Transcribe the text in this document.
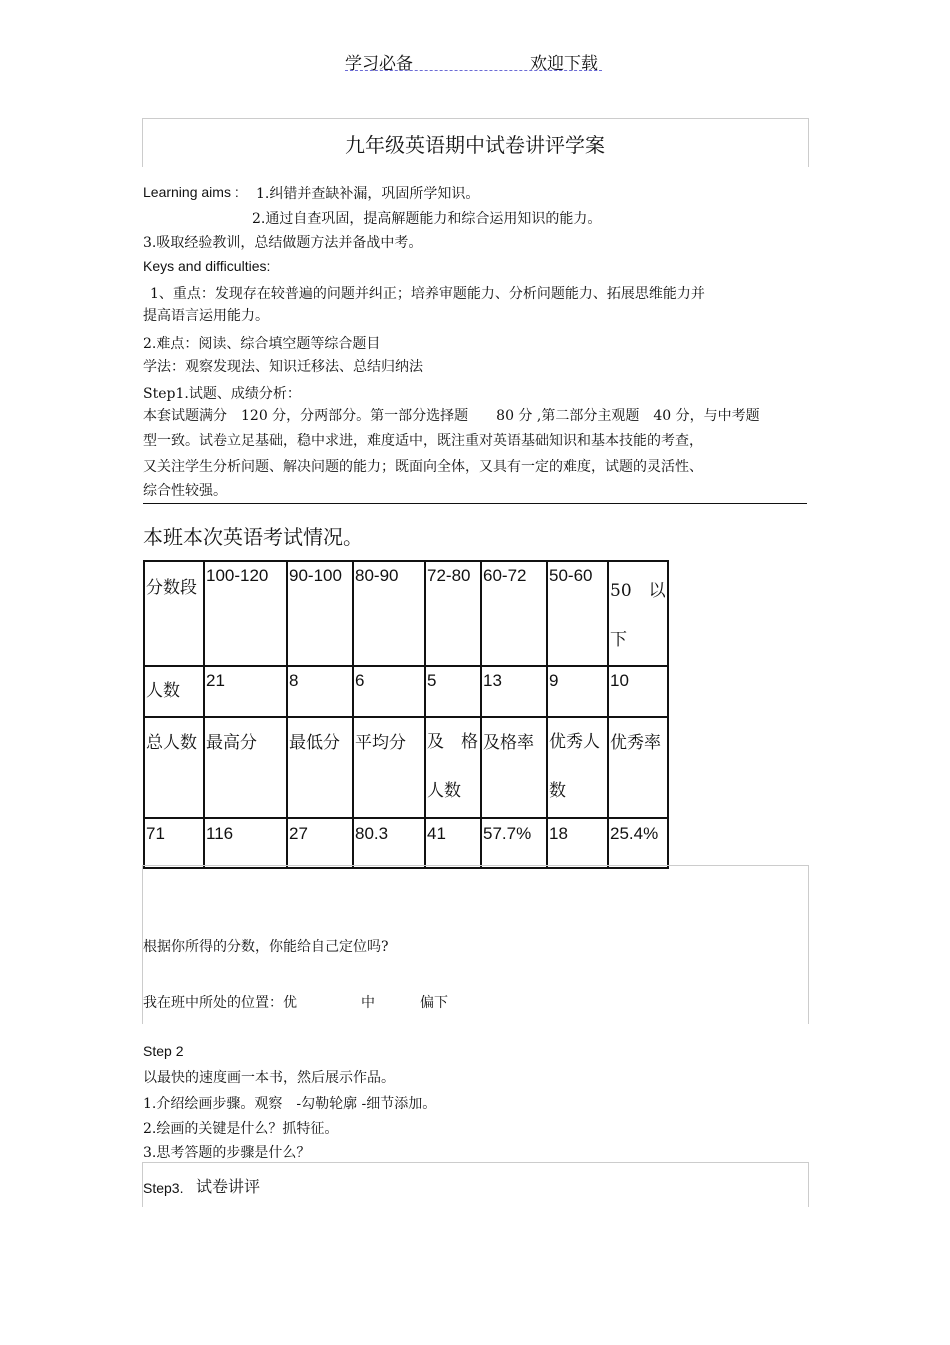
学习必备	欢迎下载
九年级英语期中试卷讲评学案
Learning aims : 1.纠错并查缺补漏，巩固所学知识。
2.通过自查巩固，提高解题能力和综合运用知识的能力。
3.吸取经验教训，总结做题方法并备战中考。
Keys and difficulties:
1、重点：发现存在较普遍的问题并纠正；培养审题能力、分析问题能力、拓展思维能力并
提高语言运用能力。
2.难点：阅读、综合填空题等综合题目
学法：观察发现法、知识迁移法、总结归纳法
Step1.试题、成绩分析：
本套试题满分　120 分，分两部分。第一部分选择题　　80 分 ,第二部分主观题　40 分，与中考题
型一致。试卷立足基础，稳中求进，难度适中，既注重对英语基础知识和基本技能的考查，
又关注学生分析问题、解决问题的能力；既面向全体，又具有一定的难度，试题的灵活性、
综合性较强。
本班本次英语考试情况。
分数段	100-120	90-100	80-90	72-80	60-72	50-60	50　以下
人数	21	8	6	5	13	9	10
总人数	最高分	最低分	平均分	及　格人数	及格率	优秀人数	优秀率
71	116	27	80.3	41	57.7%	18	25.4%
根据你所得的分数，你能给自己定位吗?
我在班中所处的位置：优	中	偏下
Step 2
以最快的速度画一本书，然后展示作品。
1.介绍绘画步骤。观察　-勾勒轮廓 -细节添加。
2.绘画的关键是什么？抓特征。
3.思考答题的步骤是什么？
Step3. 试卷讲评
